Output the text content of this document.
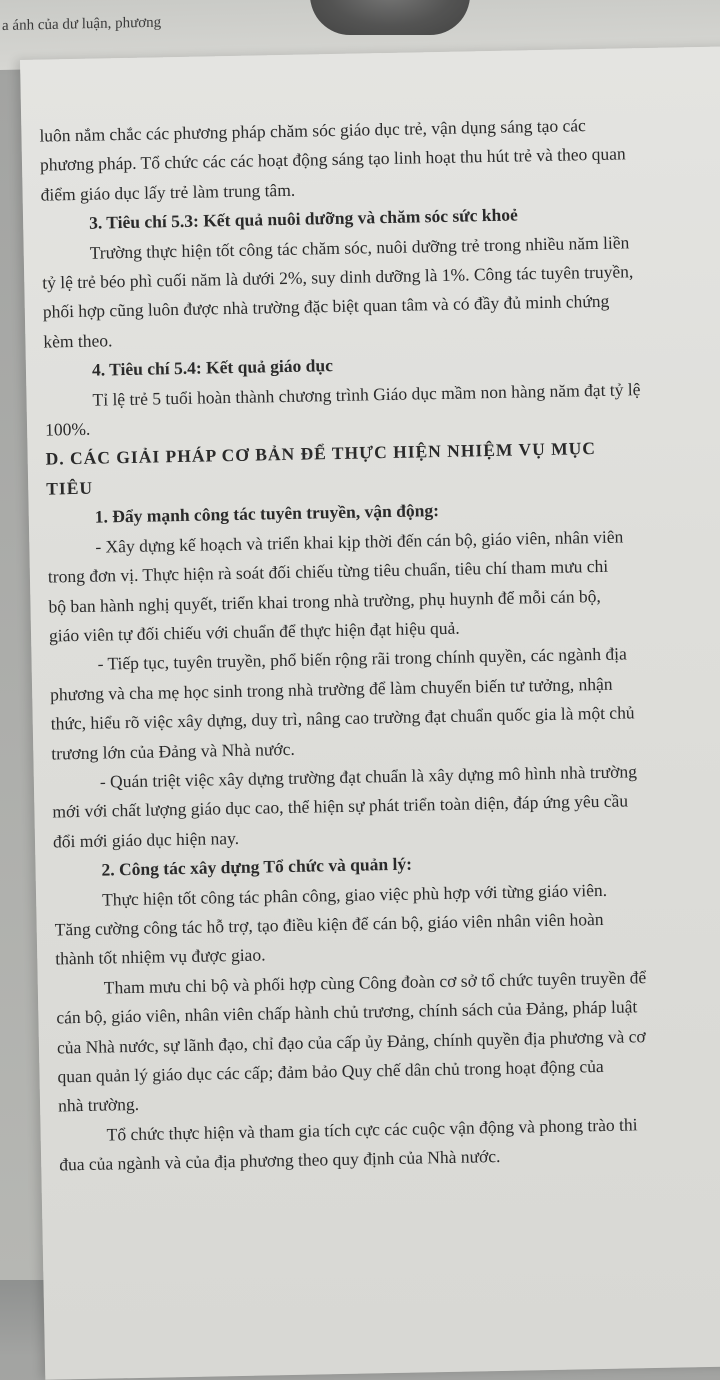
a ánh của dư luận, phương
luôn nắm chắc các phương pháp chăm sóc giáo dục trẻ, vận dụng sáng tạo các
phương pháp. Tổ chức các các hoạt động sáng tạo linh hoạt thu hút trẻ và theo quan
điểm giáo dục lấy trẻ làm trung tâm.
3. Tiêu chí 5.3: Kết quả nuôi dưỡng và chăm sóc sức khoẻ
Trường thực hiện tốt công tác chăm sóc, nuôi dưỡng trẻ trong nhiều năm liền
tỷ lệ trẻ béo phì cuối năm là dưới 2%, suy dinh dưỡng là 1%. Công tác tuyên truyền,
phối hợp cũng luôn được nhà trường đặc biệt quan tâm và có đầy đủ minh chứng
kèm theo.
4. Tiêu chí 5.4: Kết quả giáo dục
Tỉ lệ trẻ 5 tuổi hoàn thành chương trình Giáo dục mầm non hàng năm đạt tỷ lệ
100%.
D. CÁC GIẢI PHÁP CƠ BẢN ĐỂ THỰC HIỆN NHIỆM VỤ MỤC
TIÊU
1. Đẩy mạnh công tác tuyên truyền, vận động:
- Xây dựng kế hoạch và triển khai kịp thời đến cán bộ, giáo viên, nhân viên
trong đơn vị. Thực hiện rà soát đối chiếu từng tiêu chuẩn, tiêu chí tham mưu chi
bộ ban hành nghị quyết, triển khai trong nhà trường, phụ huynh để mỗi cán bộ,
giáo viên tự đối chiếu với chuẩn để thực hiện đạt hiệu quả.
- Tiếp tục, tuyên truyền, phổ biến rộng rãi trong chính quyền, các ngành địa
phương và cha mẹ học sinh trong nhà trường để làm chuyển biến tư tưởng, nhận
thức, hiểu rõ việc xây dựng, duy trì, nâng cao trường đạt chuẩn quốc gia là một chủ
trương lớn của Đảng và Nhà nước.
- Quán triệt việc xây dựng trường đạt chuẩn là xây dựng mô hình nhà trường
mới với chất lượng giáo dục cao, thể hiện sự phát triển toàn diện, đáp ứng yêu cầu
đổi mới giáo dục hiện nay.
2. Công tác xây dựng Tổ chức và quản lý:
Thực hiện tốt công tác phân công, giao việc phù hợp với từng giáo viên.
Tăng cường công tác hỗ trợ, tạo điều kiện để cán bộ, giáo viên nhân viên hoàn
thành tốt nhiệm vụ được giao.
Tham mưu chi bộ và phối hợp cùng Công đoàn cơ sở tổ chức tuyên truyền để
cán bộ, giáo viên, nhân viên chấp hành chủ trương, chính sách của Đảng, pháp luật
của Nhà nước, sự lãnh đạo, chỉ đạo của cấp ủy Đảng, chính quyền địa phương và cơ
quan quản lý giáo dục các cấp; đảm bảo Quy chế dân chủ trong hoạt động của
nhà trường.
Tổ chức thực hiện và tham gia tích cực các cuộc vận động và phong trào thi
đua của ngành và của địa phương theo quy định của Nhà nước.
